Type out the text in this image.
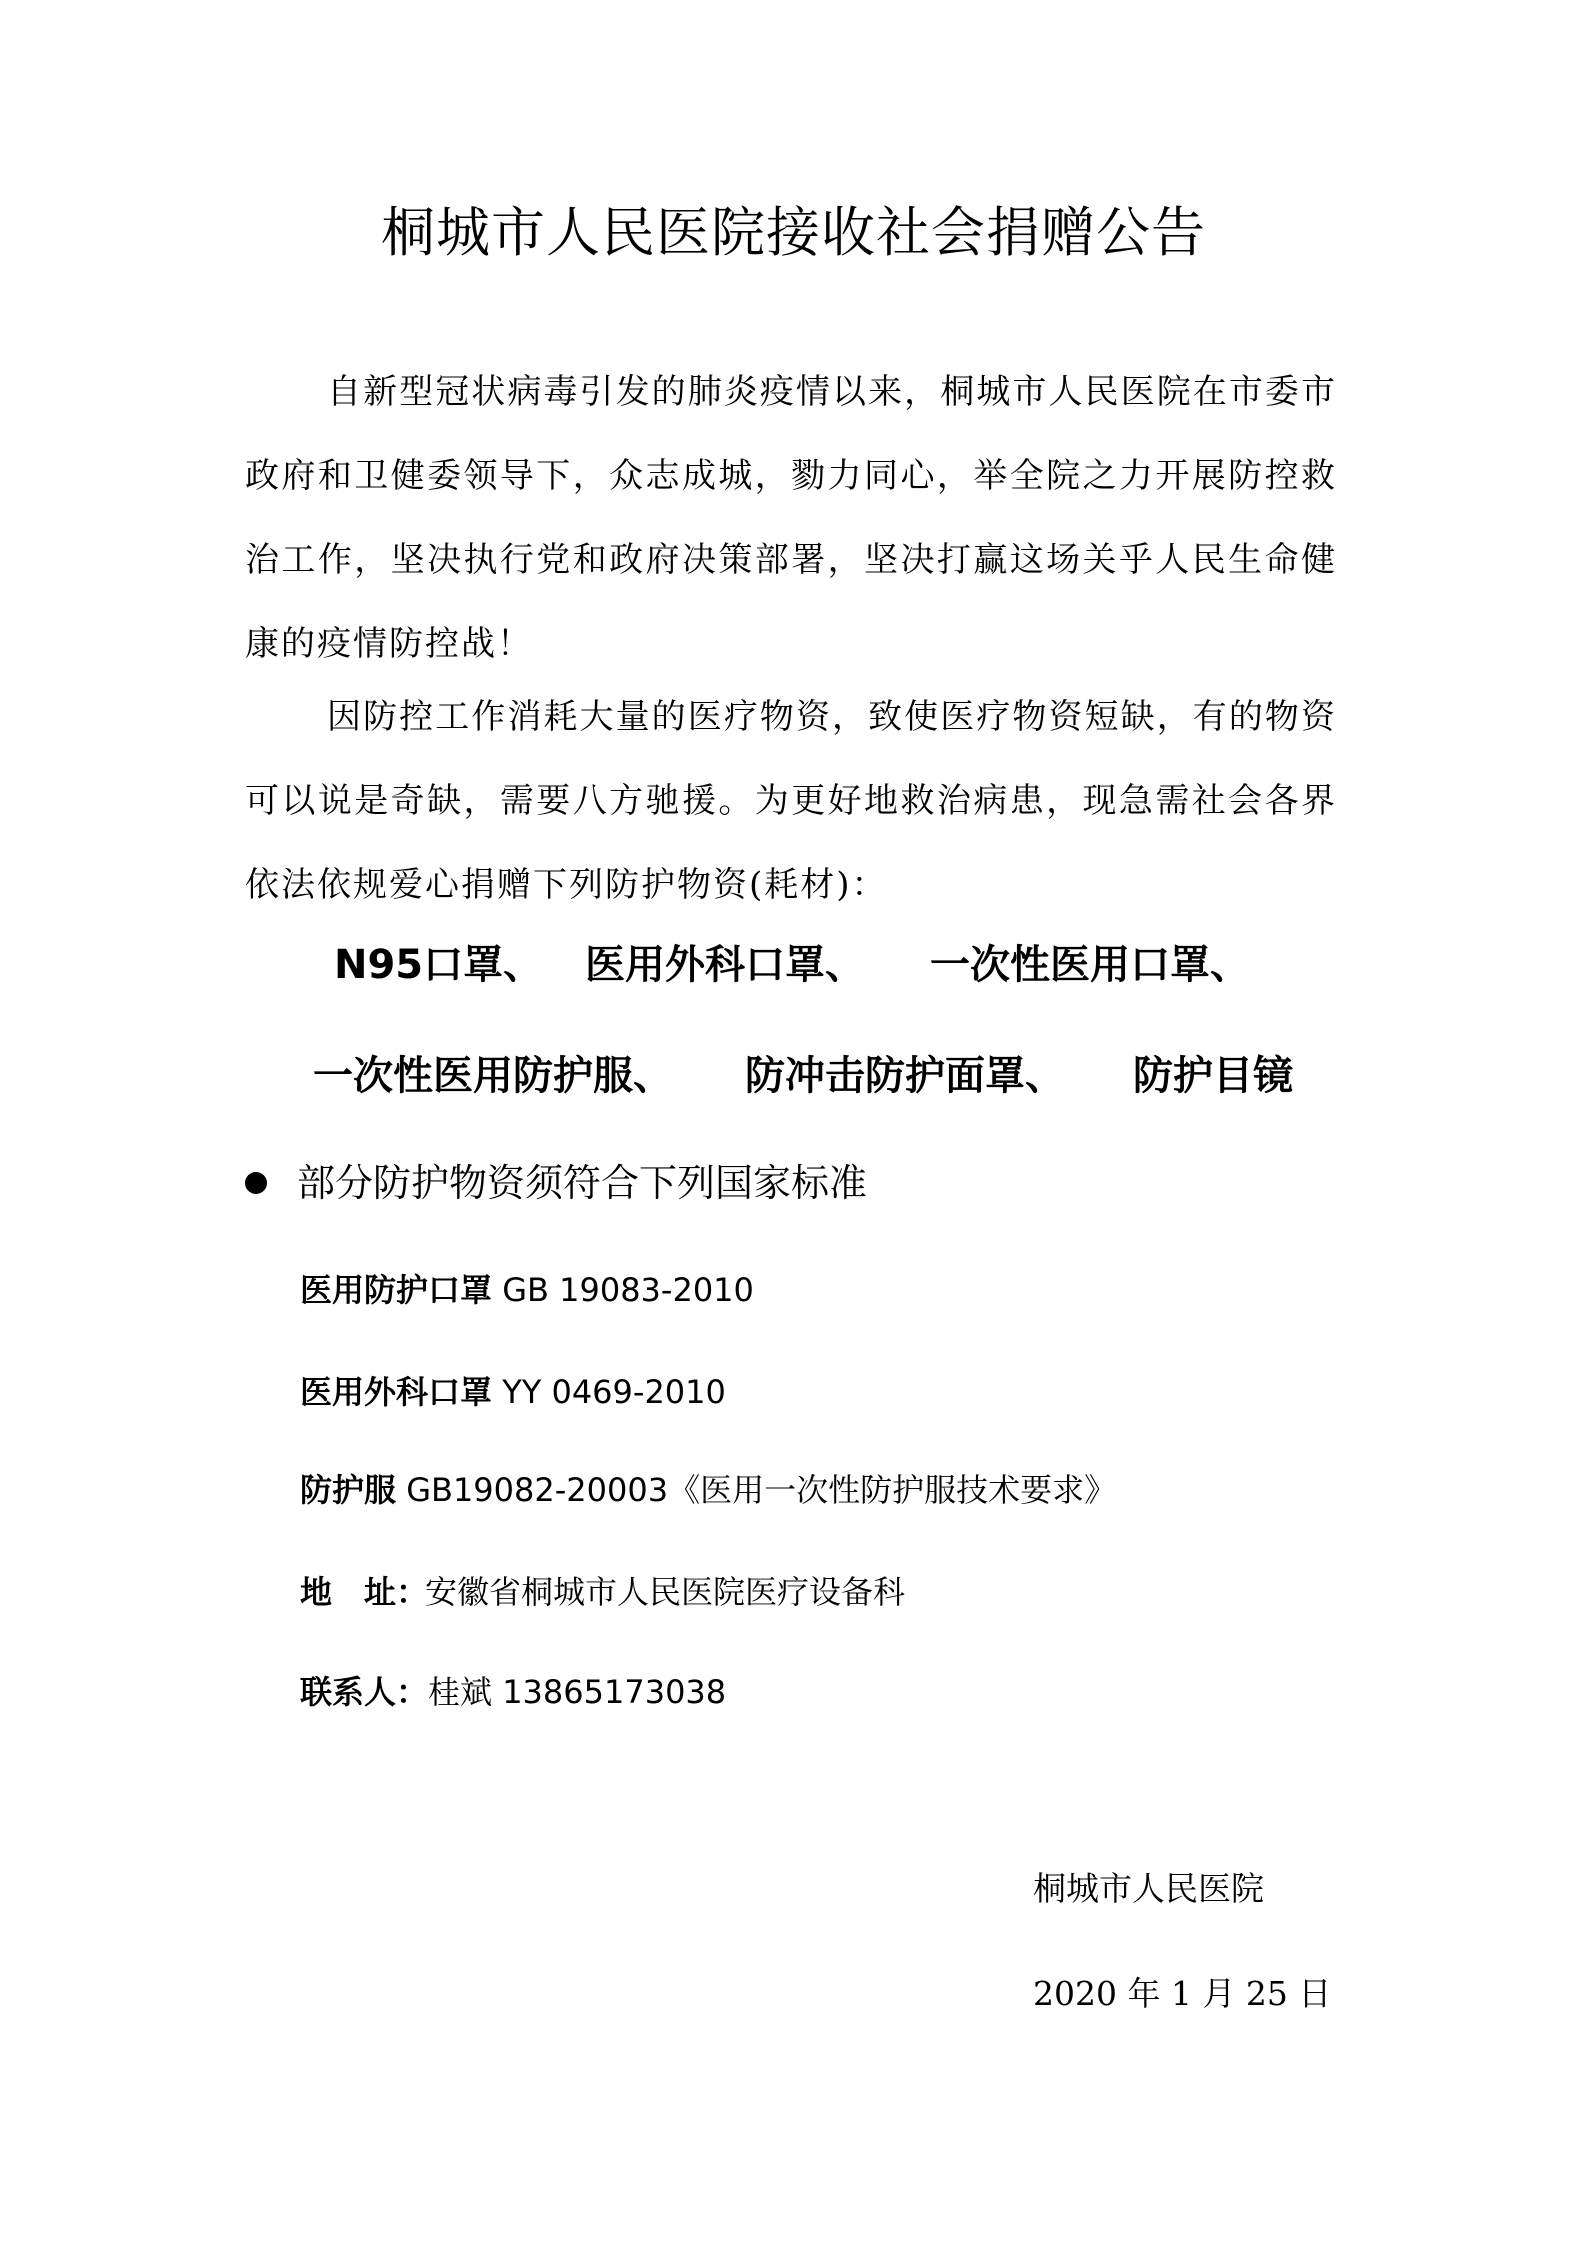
桐城市人民医院接收社会捐赠公告

自新型冠状病毒引发的肺炎疫情以来，桐城市人民医院在市委市政府和卫健委领导下，众志成城，勠力同心，举全院之力开展防控救治工作，坚决执行党和政府决策部署，坚决打赢这场关乎人民生命健康的疫情防控战！

因防控工作消耗大量的医疗物资，致使医疗物资短缺，有的物资可以说是奇缺，需要八方驰援。为更好地救治病患，现急需社会各界依法依规爱心捐赠下列防护物资(耗材)：

N95口罩、 医用外科口罩、 一次性医用口罩、
一次性医用防护服、 防冲击防护面罩、 防护目镜
部分防护物资须符合下列国家标准
医用防护口罩 GB 19083-2010
医用外科口罩 YY 0469-2010
防护服 GB19082-20003《医用一次性防护服技术要求》
地　址：安徽省桐城市人民医院医疗设备科
联系人：桂斌 13865173038
桐城市人民医院
2020 年 1 月 25 日
